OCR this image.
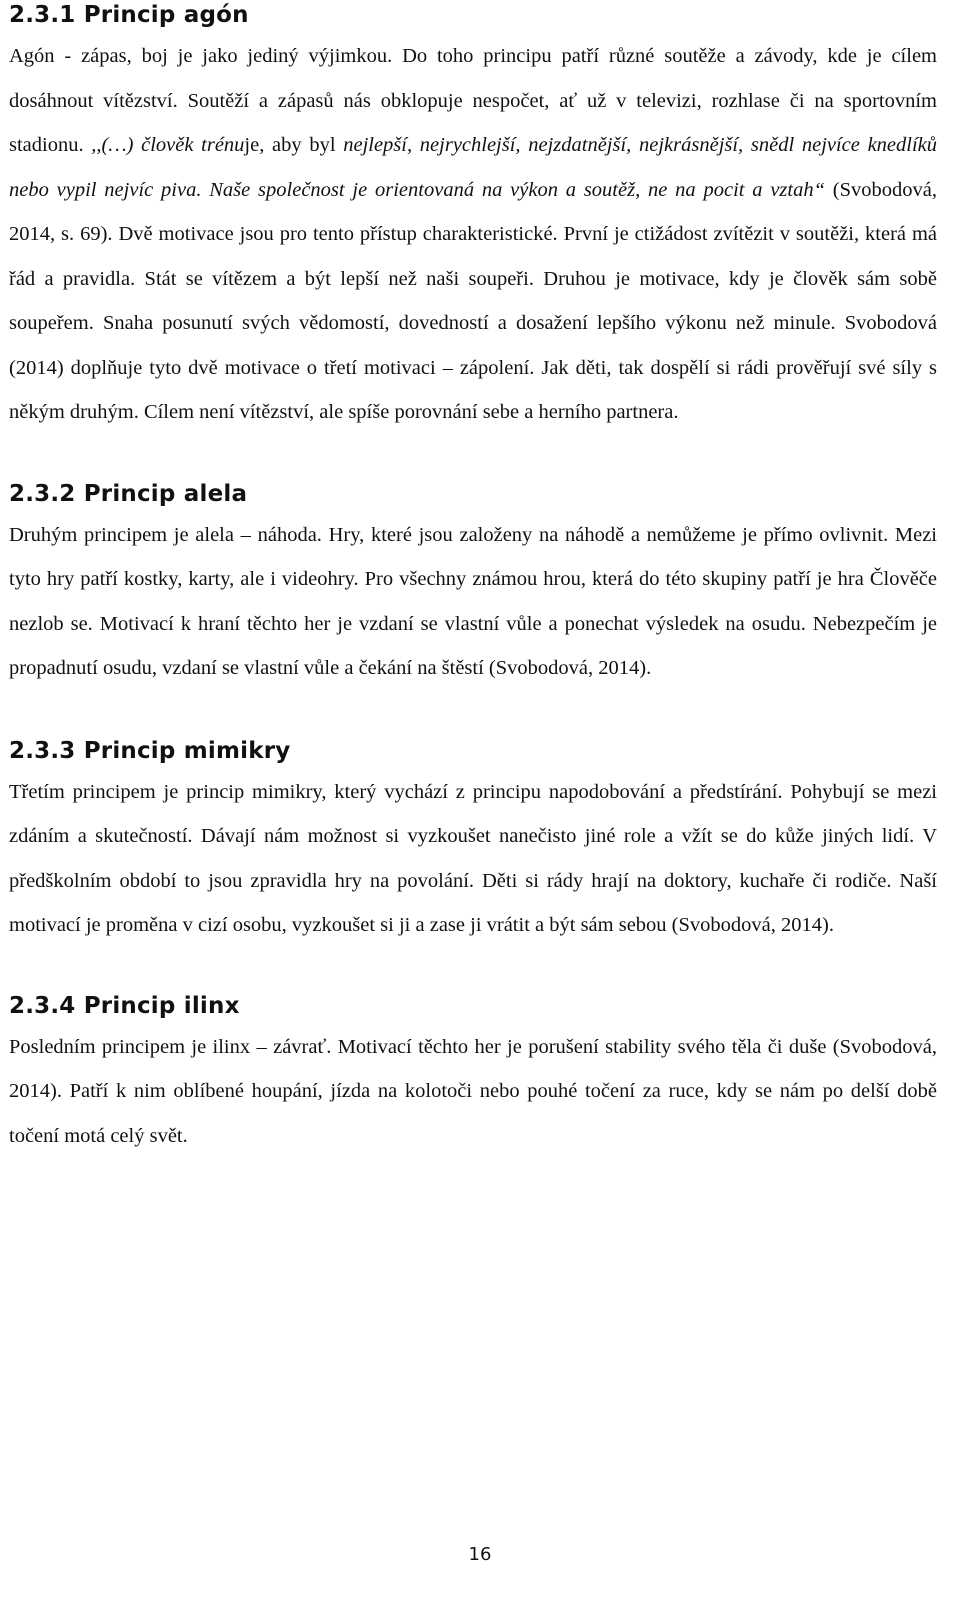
2.3.1 Princip agón

Agón - zápas, boj je jako jediný výjimkou. Do toho principu patří různé soutěže a závody, kde je cílem dosáhnout vítězství. Soutěží a zápasů nás obklopuje nespočet, ať už v televizi, rozhlase či na sportovním stadionu. ,,(…) člověk trénuje, aby byl nejlepší, nejrychlejší, nejzdatnější, nejkrásnější, snědl nejvíce knedlíků nebo vypil nejvíc piva. Naše společnost je orientovaná na výkon a soutěž, ne na pocit a vztah“ (Svobodová, 2014, s. 69). Dvě motivace jsou pro tento přístup charakteristické. První je ctižádost zvítězit v soutěži, která má řád a pravidla. Stát se vítězem a být lepší než naši soupeři. Druhou je motivace, kdy je člověk sám sobě soupeřem. Snaha posunutí svých vědomostí, dovedností a dosažení lepšího výkonu než minule. Svobodová (2014) doplňuje tyto dvě motivace o třetí motivaci – zápolení. Jak děti, tak dospělí si rádi prověřují své síly s někým druhým. Cílem není vítězství, ale spíše porovnání sebe a herního partnera.

2.3.2 Princip alela

Druhým principem je alela – náhoda. Hry, které jsou založeny na náhodě a nemůžeme je přímo ovlivnit. Mezi tyto hry patří kostky, karty, ale i videohry. Pro všechny známou hrou, která do této skupiny patří je hra Člověče nezlob se. Motivací k hraní těchto her je vzdaní se vlastní vůle a ponechat výsledek na osudu. Nebezpečím je propadnutí osudu, vzdaní se vlastní vůle a čekání na štěstí (Svobodová, 2014).

2.3.3 Princip mimikry

Třetím principem je princip mimikry, který vychází z principu napodobování a předstírání. Pohybují se mezi zdáním a skutečností. Dávají nám možnost si vyzkoušet nanečisto jiné role a vžít se do kůže jiných lidí. V předškolním období to jsou zpravidla hry na povolání. Děti si rády hrají na doktory, kuchaře či rodiče. Naší motivací je proměna v cizí osobu, vyzkoušet si ji a zase ji vrátit a být sám sebou (Svobodová, 2014).

2.3.4 Princip ilinx

Posledním principem je ilinx – závrať. Motivací těchto her je porušení stability svého těla či duše (Svobodová, 2014). Patří k nim oblíbené houpání, jízda na kolotoči nebo pouhé točení za ruce, kdy se nám po delší době točení motá celý svět.

16
